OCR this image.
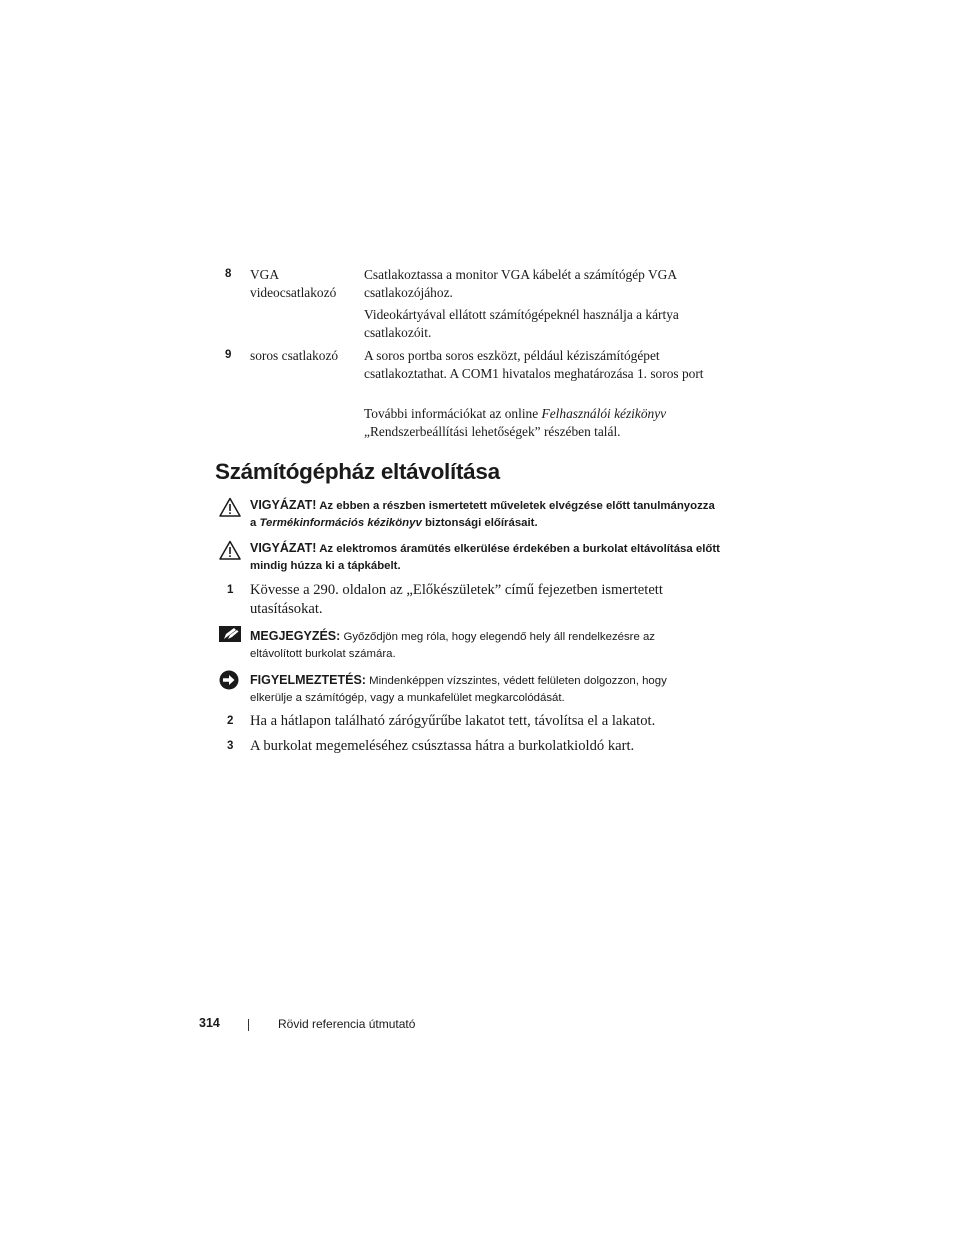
8 VGA videocsatlakozó
Csatlakoztassa a monitor VGA kábelét a számítógép VGA csatlakozójához.
Videokártyával ellátott számítógépeknél használja a kártya csatlakozóit.
9 soros csatlakozó	A soros portba soros eszközt, például kéziszámítógépet csatlakoztathat. A COM1 hivatalos meghatározása 1. soros port
További információkat az online Felhasználói kézikönyv „Rendszerbeállítási lehetőségek” részében talál.
Számítógépház eltávolítása
VIGYÁZAT! Az ebben a részben ismertetett műveletek elvégzése előtt tanulmányozza a Termékinformációs kézikönyv biztonsági előírásait.
VIGYÁZAT! Az elektromos áramütés elkerülése érdekében a burkolat eltávolítása előtt mindig húzza ki a tápkábelt.
1 Kövesse a 290. oldalon az „Előkészületek” című fejezetben ismertetett utasításokat.
MEGJEGYZÉS: Győződjön meg róla, hogy elegendő hely áll rendelkezésre az eltávolított burkolat számára.
FIGYELMEZTETÉS: Mindenképpen vízszintes, védett felületen dolgozzon, hogy elkerülje a számítógép, vagy a munkafelület megkarcolódását.
2 Ha a hátlapon található zárógyűrűbe lakatot tett, távolítsa el a lakatot.
3 A burkolat megemeléséhez csúsztassa hátra a burkolatkioldó kart.
314	Rövid referencia útmutató
